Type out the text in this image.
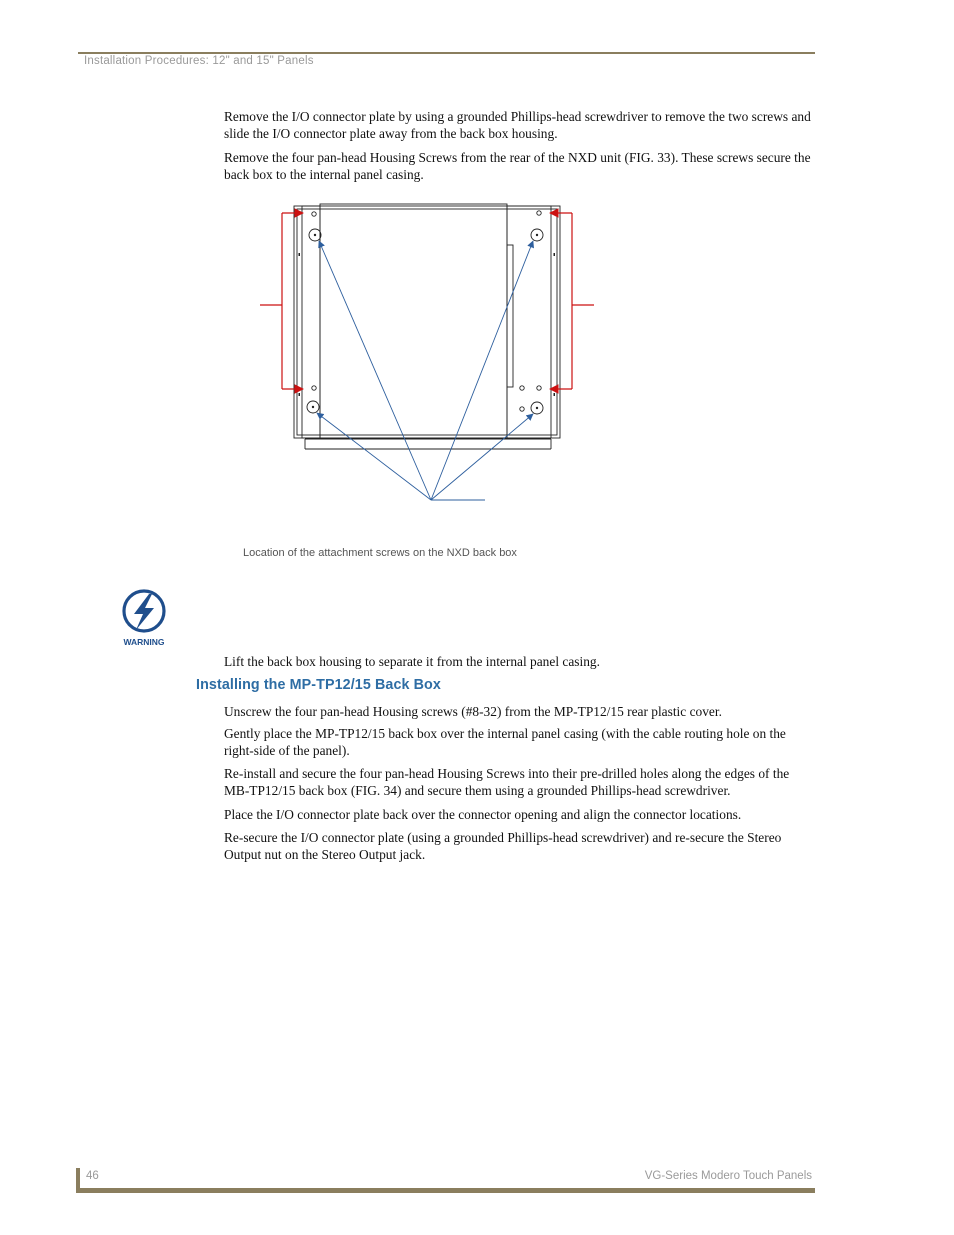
Installation Procedures: 12" and 15" Panels

Remove the I/O connector plate by using a grounded Phillips-head screwdriver to remove the two screws and slide the I/O connector plate away from the back box housing.

Remove the four pan-head Housing Screws from the rear of the NXD unit (FIG. 33). These screws secure the back box to the internal panel casing.

Location of the attachment screws on the NXD back box
WARNING

Lift the back box housing to separate it from the internal panel casing.

Installing the MP-TP12/15 Back Box

Unscrew the four pan-head Housing screws (#8-32) from the MP-TP12/15 rear plastic cover.

Gently place the MP-TP12/15 back box over the internal panel casing (with the cable routing hole on the right-side of the panel).

Re-install and secure the four pan-head Housing Screws into their pre-drilled holes along the edges of the MB-TP12/15 back box (FIG. 34) and secure them using a grounded Phillips-head screwdriver.

Place the I/O connector plate back over the connector opening and align the connector locations.

Re-secure the I/O connector plate (using a grounded Phillips-head screwdriver) and re-secure the Stereo Output nut on the Stereo Output jack.

46	VG-Series Modero Touch Panels
